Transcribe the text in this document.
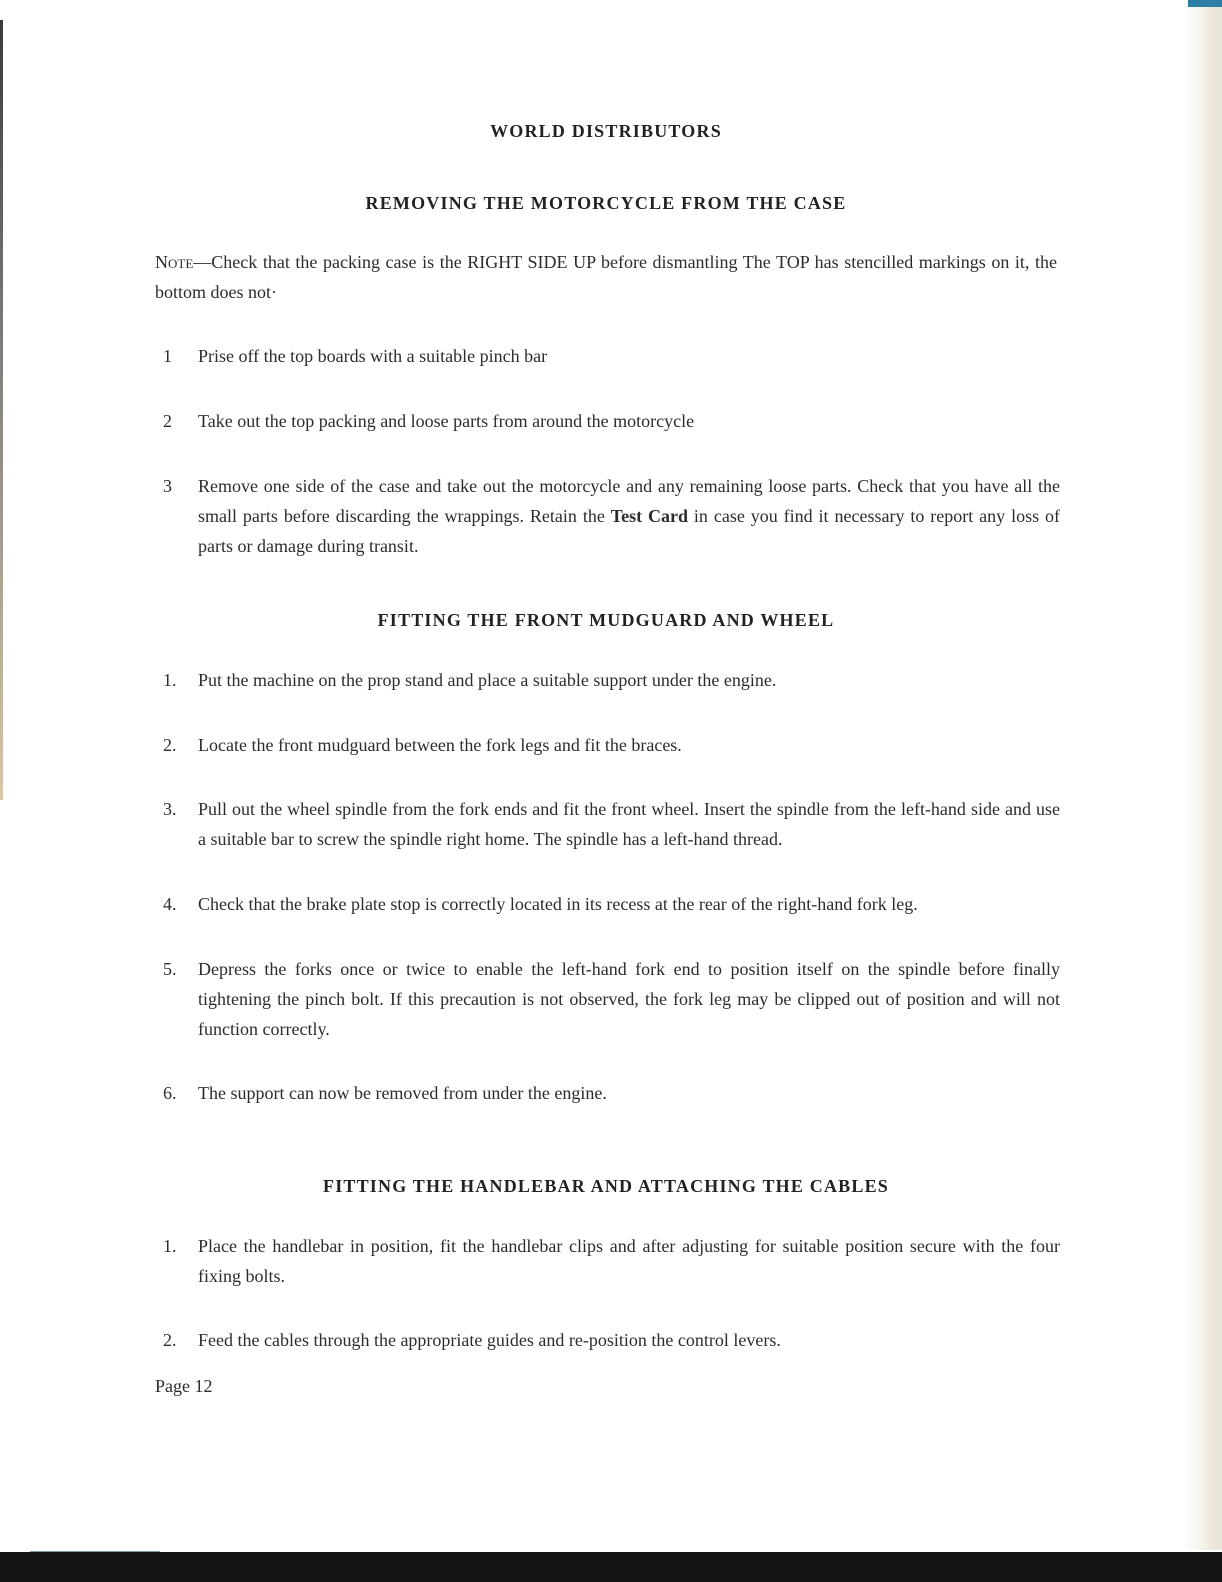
WORLD DISTRIBUTORS
REMOVING THE MOTORCYCLE FROM THE CASE

Note—Check that the packing case is the RIGHT SIDE UP before dismantling The TOP has stencilled markings on it, the bottom does not·

1 Prise off the top boards with a suitable pinch bar
2 Take out the top packing and loose parts from around the motorcycle
3 Remove one side of the case and take out the motorcycle and any remaining loose parts. Check that you have all the small parts before discarding the wrappings. Retain the Test Card in case you find it necessary to report any loss of parts or damage during transit.
FITTING THE FRONT MUDGUARD AND WHEEL
1. Put the machine on the prop stand and place a suitable support under the engine.
2. Locate the front mudguard between the fork legs and fit the braces.
3. Pull out the wheel spindle from the fork ends and fit the front wheel. Insert the spindle from the left-hand side and use a suitable bar to screw the spindle right home. The spindle has a left-hand thread.
4. Check that the brake plate stop is correctly located in its recess at the rear of the right-hand fork leg.
5. Depress the forks once or twice to enable the left-hand fork end to position itself on the spindle before finally tightening the pinch bolt. If this precaution is not observed, the fork leg may be clipped out of position and will not function correctly.
6. The support can now be removed from under the engine.
FITTING THE HANDLEBAR AND ATTACHING THE CABLES
1. Place the handlebar in position, fit the handlebar clips and after adjusting for suitable position secure with the four fixing bolts.
2. Feed the cables through the appropriate guides and re-position the control levers.
Page 12
